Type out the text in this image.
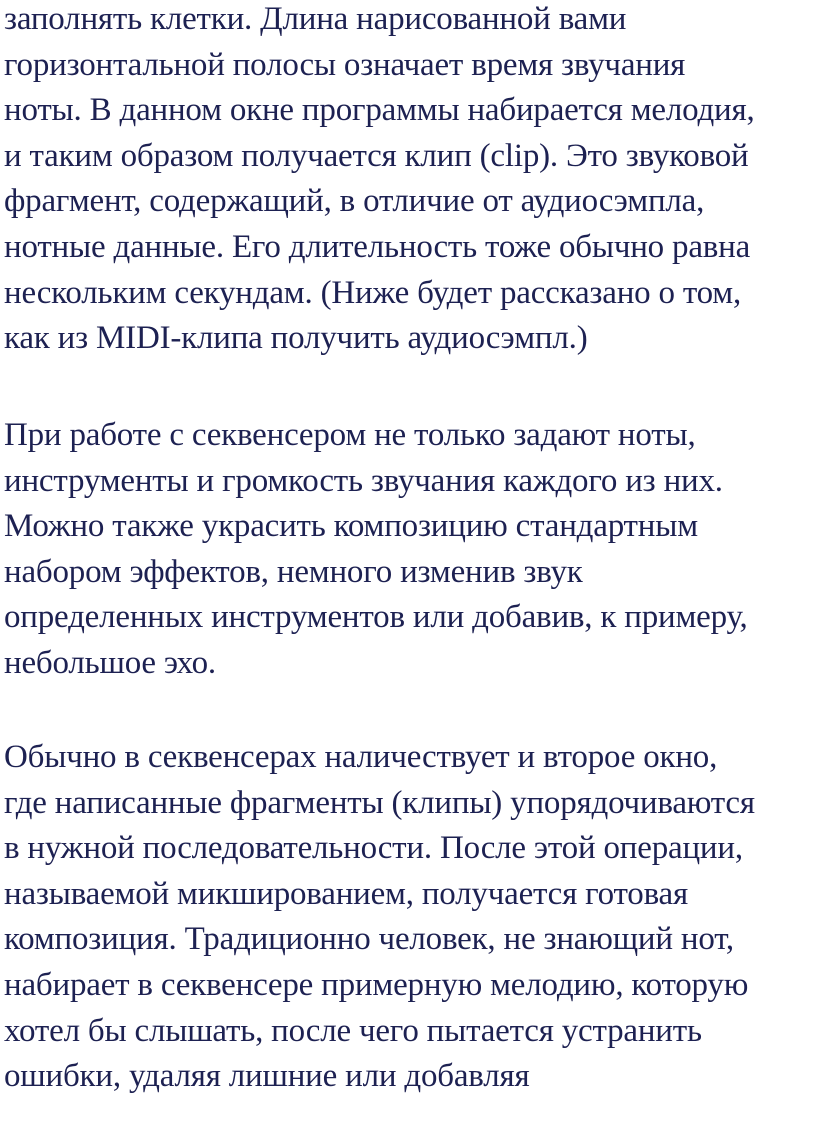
заполнять клетки. Длина нарисованной вами
горизонтальной полосы означает время звучания
ноты. В данном окне программы набирается мелодия,
и таким образом получается клип (clip). Это звуковой
фрагмент, содержащий, в отличие от аудиосэмпла,
нотные данные. Его длительность тоже обычно равна
нескольким секундам. (Ниже будет рассказано о том,
как из MIDI-клипа получить аудиосэмпл.)
При работе с секвенсером не только задают ноты,
инструменты и громкость звучания каждого из них.
Можно также украсить композицию стандартным
набором эффектов, немного изменив звук
определенных инструментов или добавив, к примеру,
небольшое эхо.
Обычно в секвенсерах наличествует и второе окно,
где написанные фрагменты (клипы) упорядочиваются
в нужной последовательности. После этой операции,
называемой микшированием, получается готовая
композиция. Традиционно человек, не знающий нот,
набирает в секвенсере примерную мелодию, которую
хотел бы слышать, после чего пытается устранить
ошибки, удаляя лишние или добавляя
